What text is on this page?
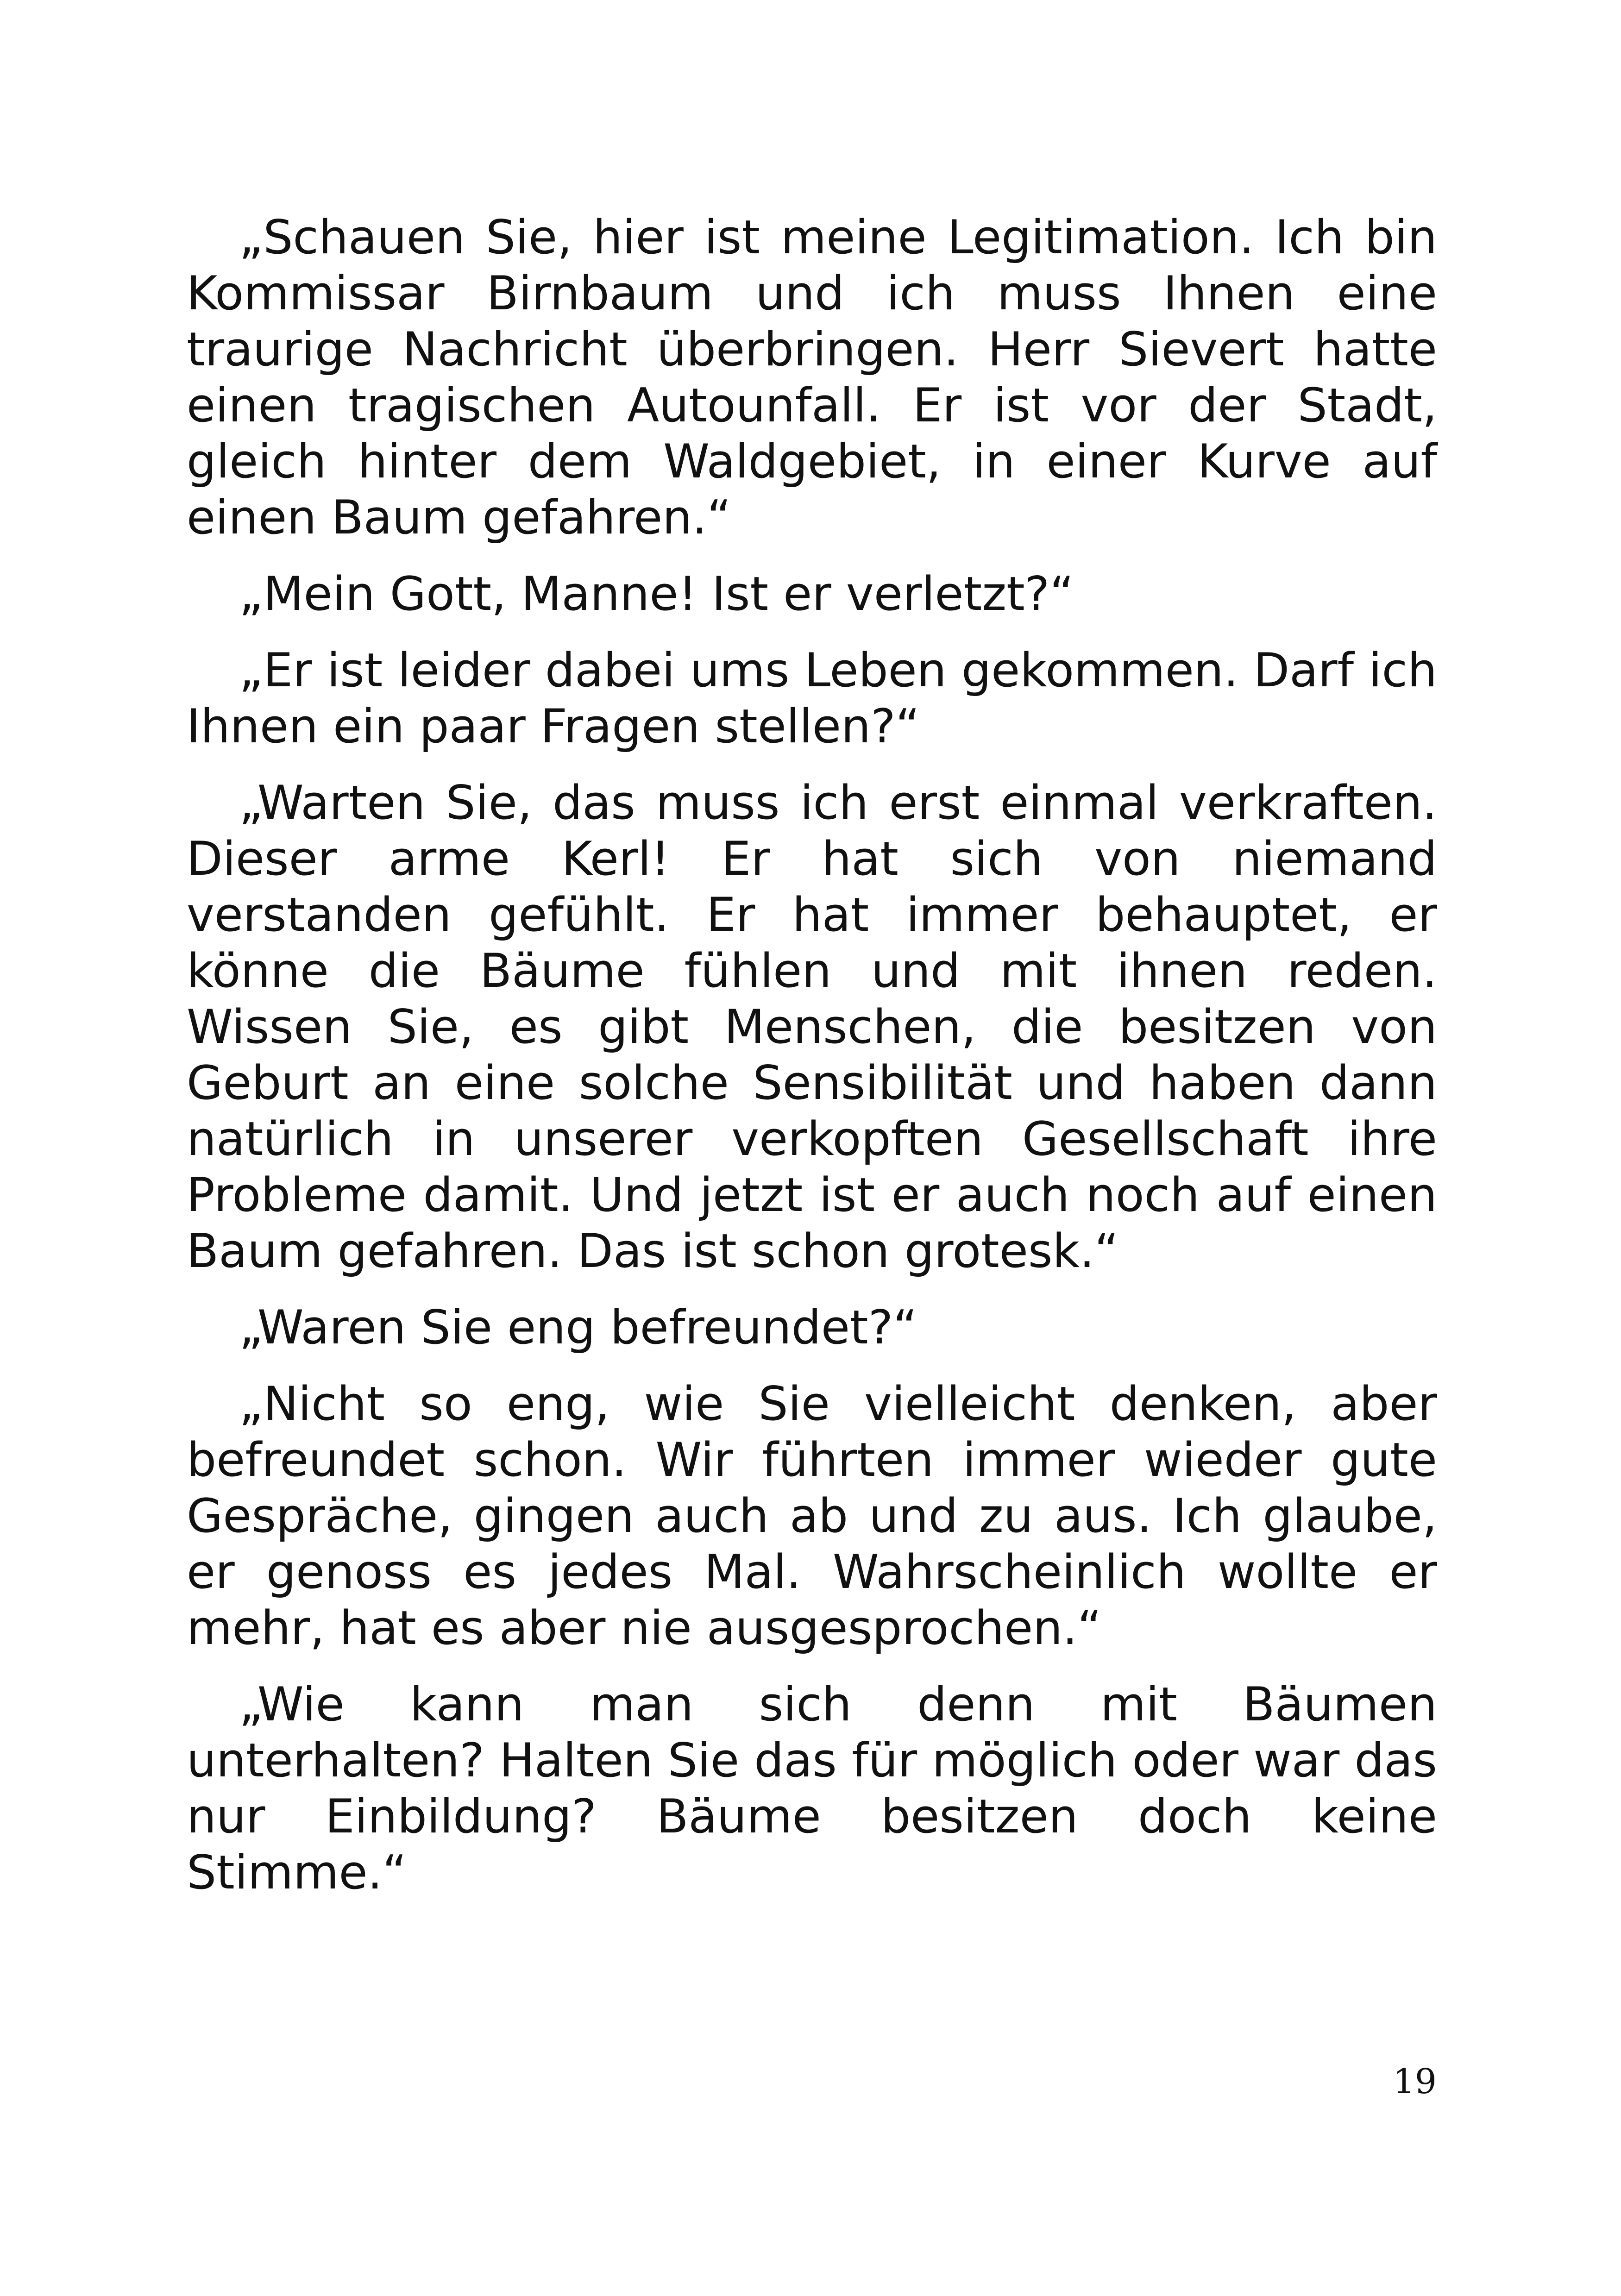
„Schauen Sie, hier ist meine Legitimation. Ich bin Kommissar Birnbaum und ich muss Ihnen eine traurige Nachricht überbringen. Herr Sievert hatte einen tragischen Autounfall. Er ist vor der Stadt, gleich hinter dem Waldgebiet, in einer Kurve auf einen Baum gefahren.“

„Mein Gott, Manne! Ist er verletzt?“

„Er ist leider dabei ums Leben gekommen. Darf ich Ihnen ein paar Fragen stellen?“

„Warten Sie, das muss ich erst einmal verkraften. Dieser arme Kerl! Er hat sich von niemand verstanden gefühlt. Er hat immer behauptet, er könne die Bäume fühlen und mit ihnen reden. Wissen Sie, es gibt Menschen, die besitzen von Geburt an eine solche Sensibilität und haben dann natürlich in unserer verkopften Gesellschaft ihre Probleme damit. Und jetzt ist er auch noch auf einen Baum gefahren. Das ist schon grotesk.“

„Waren Sie eng befreundet?“

„Nicht so eng, wie Sie vielleicht denken, aber befreundet schon. Wir führten immer wieder gute Gespräche, gingen auch ab und zu aus. Ich glaube, er genoss es jedes Mal. Wahrscheinlich wollte er mehr, hat es aber nie ausgesprochen.“

„Wie kann man sich denn mit Bäumen unterhalten? Halten Sie das für möglich oder war das nur Einbildung? Bäume besitzen doch keine Stimme.“

19
